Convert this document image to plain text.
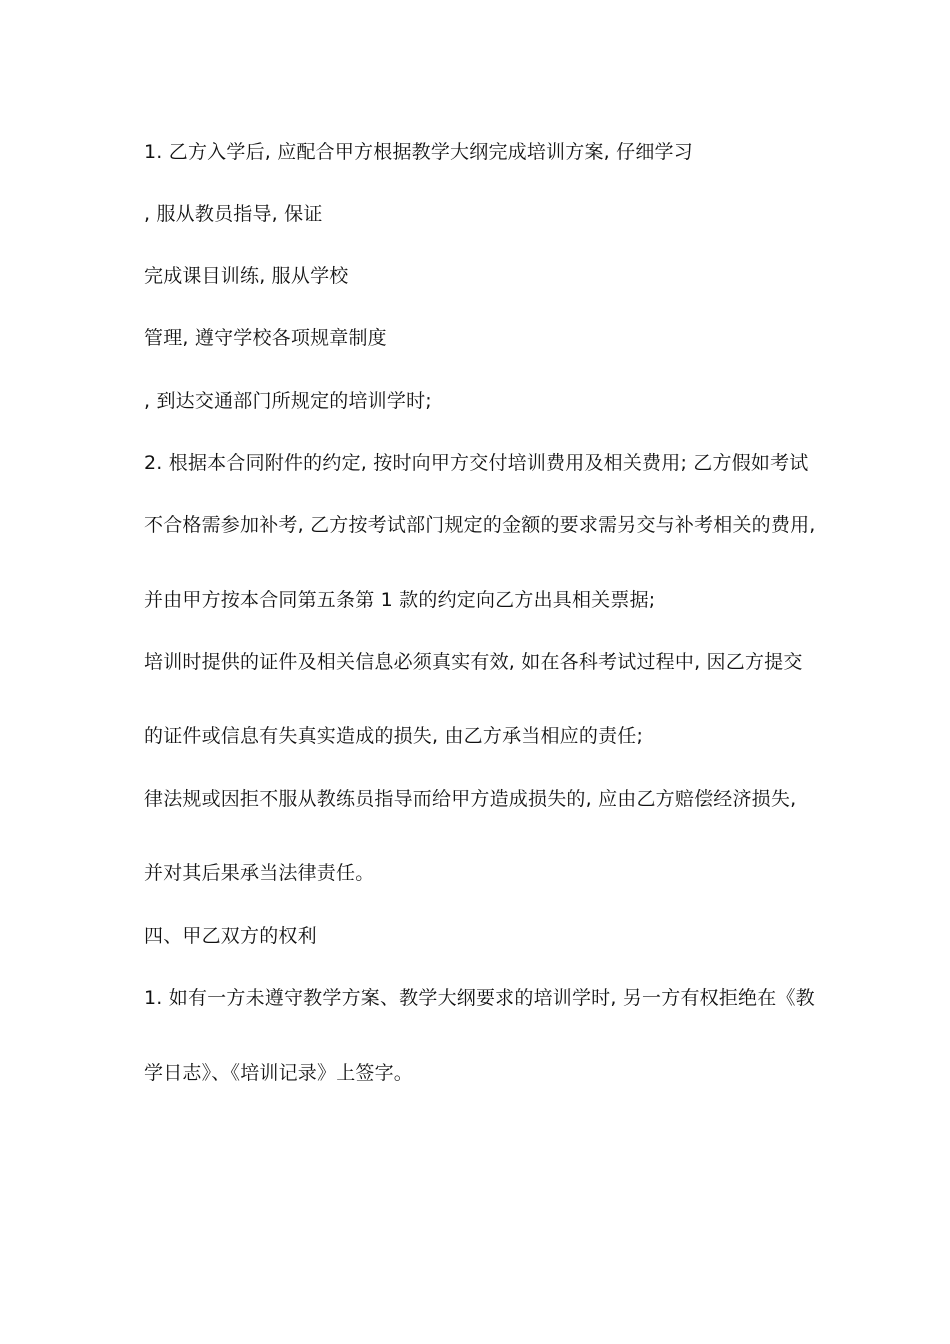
1. 乙方入学后, 应配合甲方根据教学大纲完成培训方案, 仔细学习
, 服从教员指导, 保证
完成课目训练, 服从学校
管理, 遵守学校各项规章制度
, 到达交通部门所规定的培训学时;
2. 根据本合同附件的约定, 按时向甲方交付培训费用及相关费用; 乙方假如考试
不合格需参加补考, 乙方按考试部门规定的金额的要求需另交与补考相关的费用,
并由甲方按本合同第五条第 1 款的约定向乙方出具相关票据;
培训时提供的证件及相关信息必须真实有效, 如在各科考试过程中, 因乙方提交
的证件或信息有失真实造成的损失, 由乙方承当相应的责任;
律法规或因拒不服从教练员指导而给甲方造成损失的, 应由乙方赔偿经济损失,
并对其后果承当法律责任。
四、甲乙双方的权利
1. 如有一方未遵守教学方案、教学大纲要求的培训学时, 另一方有权拒绝在《教
学日志》、《培训记录》上签字。
